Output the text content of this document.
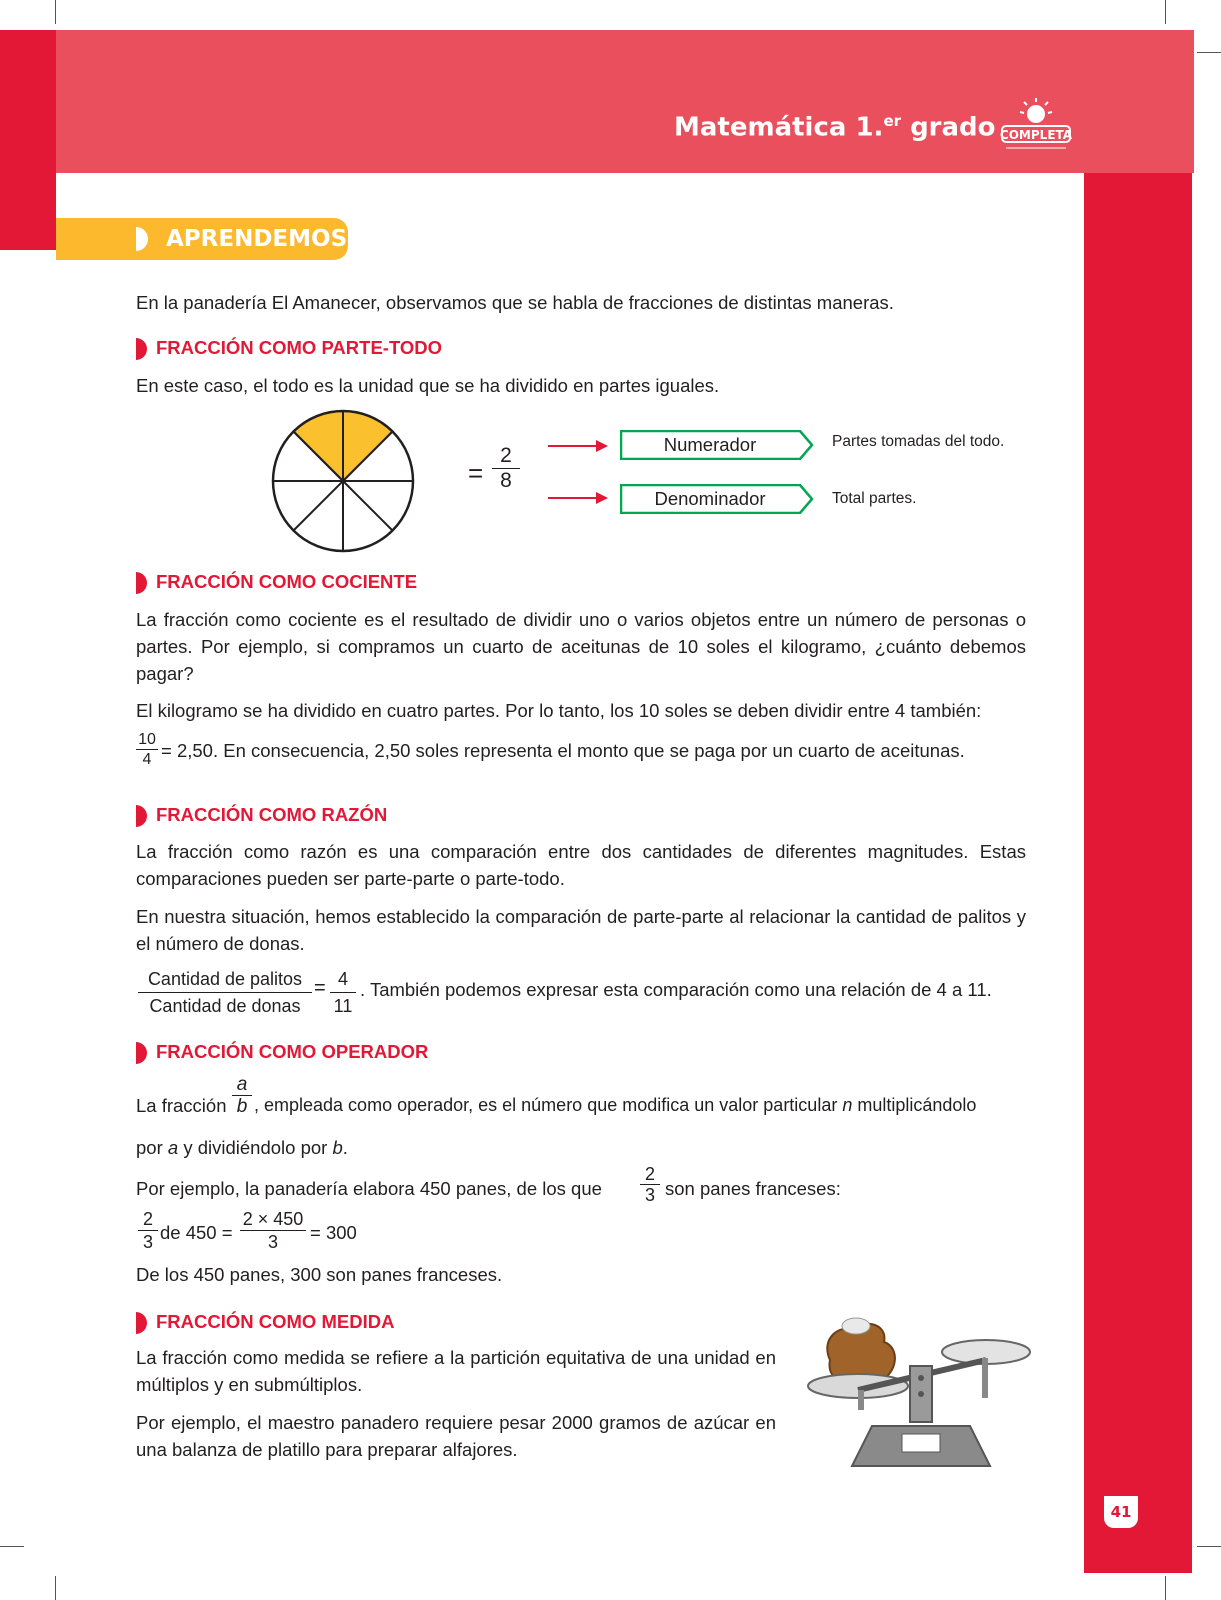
Matemática 1.$^{er}$ grado COMPLETA
41
APRENDEMOS
En la panadería El Amanecer, observamos que se habla de fracciones de distintas maneras.
FRACCIÓN COMO PARTE-TODO
En este caso, el todo es la unidad que se ha dividido en partes iguales.
=
2
8
Numerador
Denominador
Partes tomadas del todo.
Total partes.
FRACCIÓN COMO COCIENTE
La fracción como cociente es el resultado de dividir uno o varios objetos entre un número de personas o partes. Por ejemplo, si compramos un cuarto de aceitunas de 10 soles el kilogramo, ¿cuánto debemos pagar?
El kilogramo se ha dividido en cuatro partes. Por lo tanto, los 10 soles se deben dividir entre 4 también:
10
4 = 2,50. En consecuencia, 2,50 soles representa el monto que se paga por un cuarto de aceitunas.
FRACCIÓN COMO RAZÓN
La fracción como razón es una comparación entre dos cantidades de diferentes magnitudes. Estas comparaciones pueden ser parte-parte o parte-todo.
En nuestra situación, hemos establecido la comparación de parte-parte al relacionar la cantidad de palitos y el número de donas.
Cantidad de palitos
Cantidad de donas
= 4
11
. También podemos expresar esta comparación como una relación de 4 a 11.
FRACCIÓN COMO OPERADOR
La fracción
a
b , empleada como operador, es el número que modifica un valor particular n multiplicándolo
por a y dividiéndolo por b.
Por ejemplo, la panadería elabora 450 panes, de los que
2
3 son panes franceses:
2
3 de 450 =
2 × 450
3	= 300
De los 450 panes, 300 son panes franceses.
FRACCIÓN COMO MEDIDA
La fracción como medida se refiere a la partición equitativa de una unidad en múltiplos y en submúltiplos.
Por ejemplo, el maestro panadero requiere pesar 2000 gramos de azúcar en una balanza de platillo para preparar alfajores.
